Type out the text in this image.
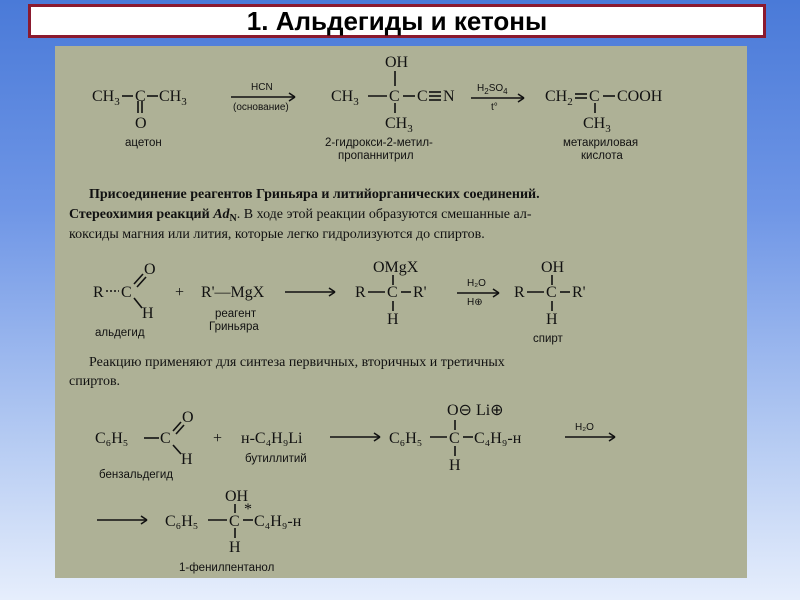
1. Альдегиды и кетоны
$CH_3$ C $CH_3$
O
ацетон
HCN
(основание)
OH
$CH_3$ C C N
$CH_3$
2-гидрокси-2-метил-
пропаннитрил
$H_2SO_4$
t°
$CH_2$ C COOH
$CH_3$
метакриловая
кислота
Присоединение реагентов Гриньяра и литийорганических соединений.
Стереохимия реакций $Ad_N$. В ходе этой реакции образуются смешанные ал-
коксиды магния или лития, которые легко гидролизуются до спиртов.
R C
O
H
альдегид
+ R'—MgX
реагент
Гриньяра
OMgX
R C R'
H
H₂O
H⊕
OH
R C R'
H
спирт
Реакцию применяют для синтеза первичных, вторичных и третичных
спиртов.
C₆H₅ C
O
H
бензальдегид
+ н-C₄H₉Li
бутиллитий
O⊖ Li⊕
C₆H₅ C C₄H₉-н
H
H₂O
OH
C₆H₅ C
*
C₄H₉-н
H
1-фенилпентанол
